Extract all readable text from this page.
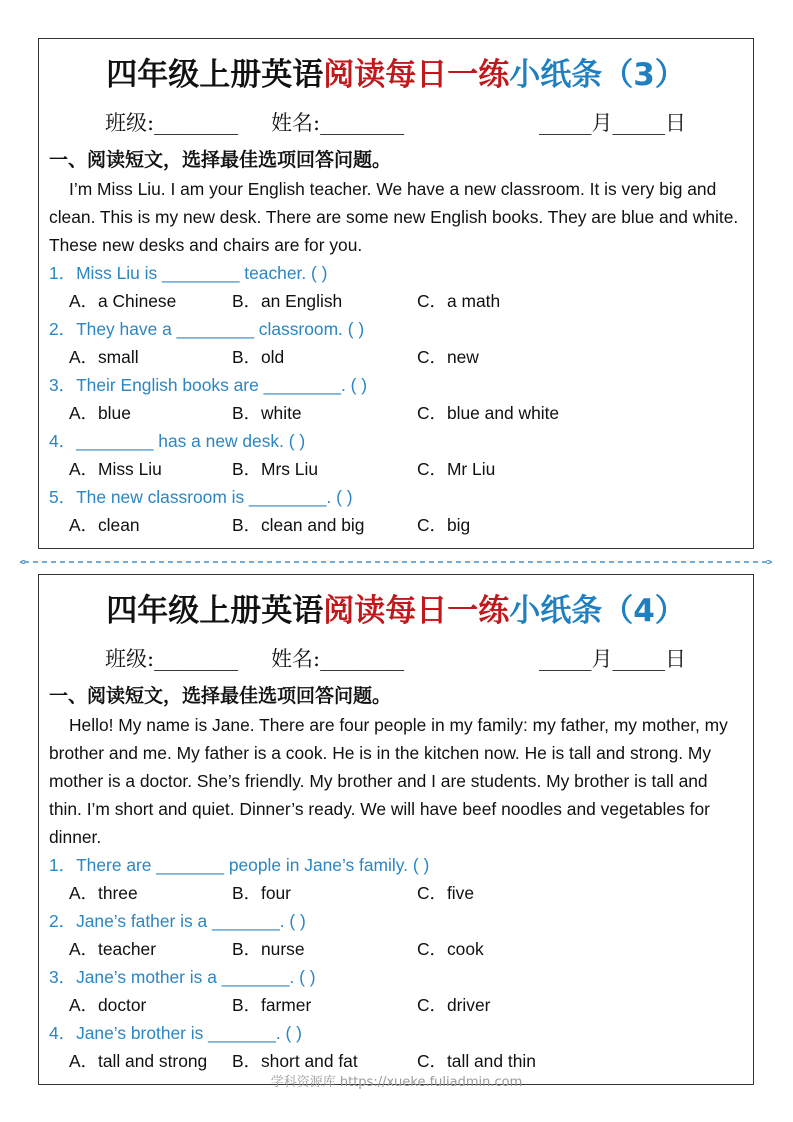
四年级上册英语阅读每日一练小纸条（3）
班级:________ 姓名:________	_____月_____日
一、阅读短文，选择最佳选项回答问题。
I’m Miss Liu. I am your English teacher. We have a new classroom. It is very big and clean. This is my new desk. There are some new English books. They are blue and white. These new desks and chairs are for you.
1．Miss Liu is ________ teacher. ( )
A．a Chinese	B．an English	C．a math
2．They have a ________ classroom. ( )
A．small	B．old	C．new
3．Their English books are ________. ( )
A．blue	B．white	C．blue and white
4．________ has a new desk. ( )
A．Miss Liu	B．Mrs Liu	C．Mr Liu
5．The new classroom is ________. ( )
A．clean	B．clean and big	C．big
四年级上册英语阅读每日一练小纸条（4）
班级:________ 姓名:________	_____月_____日
一、阅读短文，选择最佳选项回答问题。
Hello! My name is Jane. There are four people in my family: my father, my mother, my brother and me. My father is a cook. He is in the kitchen now. He is tall and strong. My mother is a doctor. She’s friendly. My brother and I are students. My brother is tall and thin. I’m short and quiet. Dinner’s ready. We will have beef noodles and vegetables for dinner.
1．There are _______ people in Jane’s family. ( )
A．three	B．four	C．five
2．Jane’s father is a _______. ( )
A．teacher	B．nurse	C．cook
3．Jane’s mother is a _______. ( )
A．doctor	B．farmer	C．driver
4．Jane’s brother is _______. ( )
A．tall and strong B．short and fat	C．tall and thin
学科资源库 https://xueke.fuliadmin.com
